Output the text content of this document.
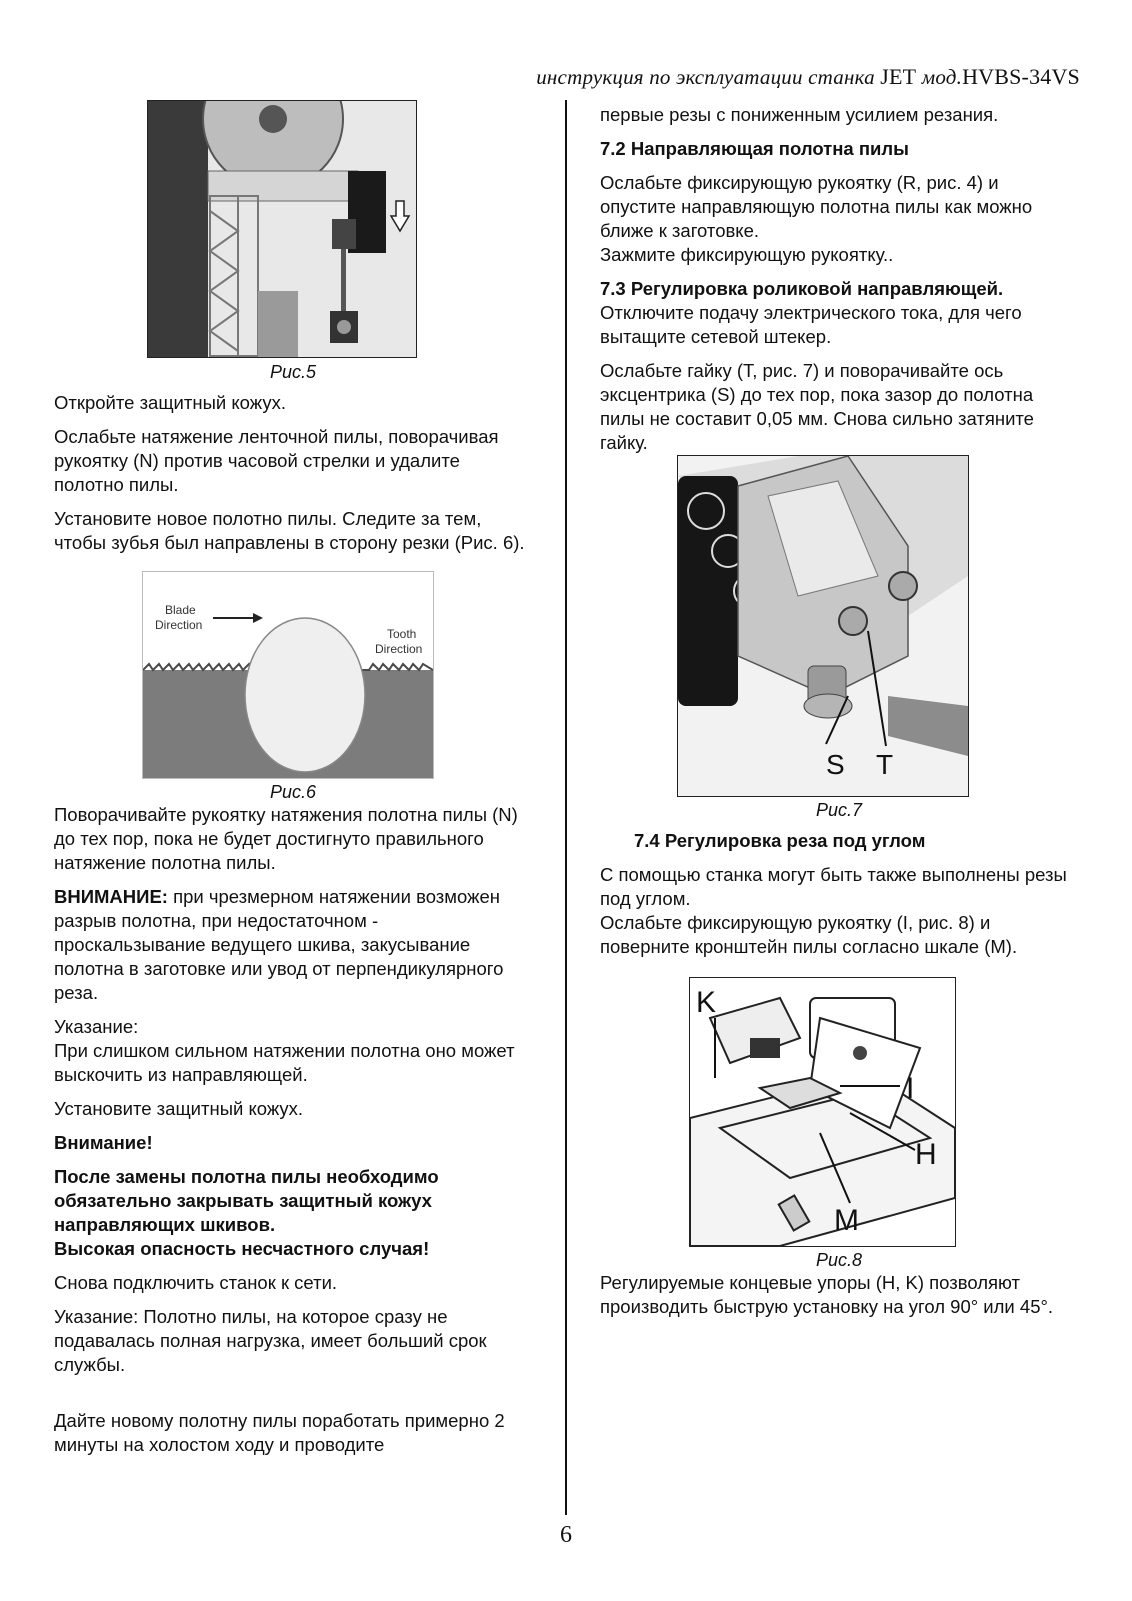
инструкция по эксплуатации станка JET мод.HVBS-34VS

Рис.5

Откройте защитный кожух.

Ослабьте натяжение ленточной пилы, поворачивая рукоятку (N) против часовой стрелки и удалите полотно пилы.

Установите новое полотно пилы. Следите за тем, чтобы зубья был направлены в сторону резки (Рис. 6).

Blade
Direction
Tooth
Direction

Рис.6

Поворачивайте рукоятку натяжения полотна пилы (N) до тех пор, пока не будет достигнуто правильного натяжение полотна пилы.

ВНИМАНИЕ: при чрезмерном натяжении возможен разрыв полотна, при недостаточном - проскальзывание ведущего шкива, закусывание полотна в заготовке или увод от перпендикулярного реза.

Указание:

При слишком сильном натяжении полотна оно может выскочить из направляющей.

Установите защитный кожух.

Внимание!

После замены полотна пилы необходимо обязательно закрывать защитный кожух направляющих шкивов.

Высокая опасность несчастного случая!

Снова подключить станок к сети.

Указание: Полотно пилы, на которое сразу не подавалась полная нагрузка, имеет больший срок службы.

Дайте новому полотну пилы поработать примерно 2 минуты на холостом ходу и проводите

первые резы с пониженным усилием резания.

7.2 Направляющая полотна пилы

Ослабьте фиксирующую рукоятку (R, рис. 4) и опустите направляющую полотна пилы как можно ближе к заготовке.

Зажмите фиксирующую рукоятку..

7.3 Регулировка роликовой направляющей.

Отключите подачу электрического тока, для чего вытащите сетевой штекер.

Ослабьте гайку (T, рис. 7) и поворачивайте ось эксцентрика (S) до тех пор, пока зазор до полотна пилы не составит 0,05 мм. Снова сильно затяните гайку.

S T

Рис.7

7.4 Регулировка реза под углом

С помощью станка могут быть также выполнены резы под углом.

Ослабьте фиксирующую рукоятку (I, рис. 8) и поверните кронштейн пилы согласно шкале (M).

K
I
H
M

Рис.8

Регулируемые концевые упоры (H, K) позволяют производить быструю установку на угол 90° или 45°.

6
